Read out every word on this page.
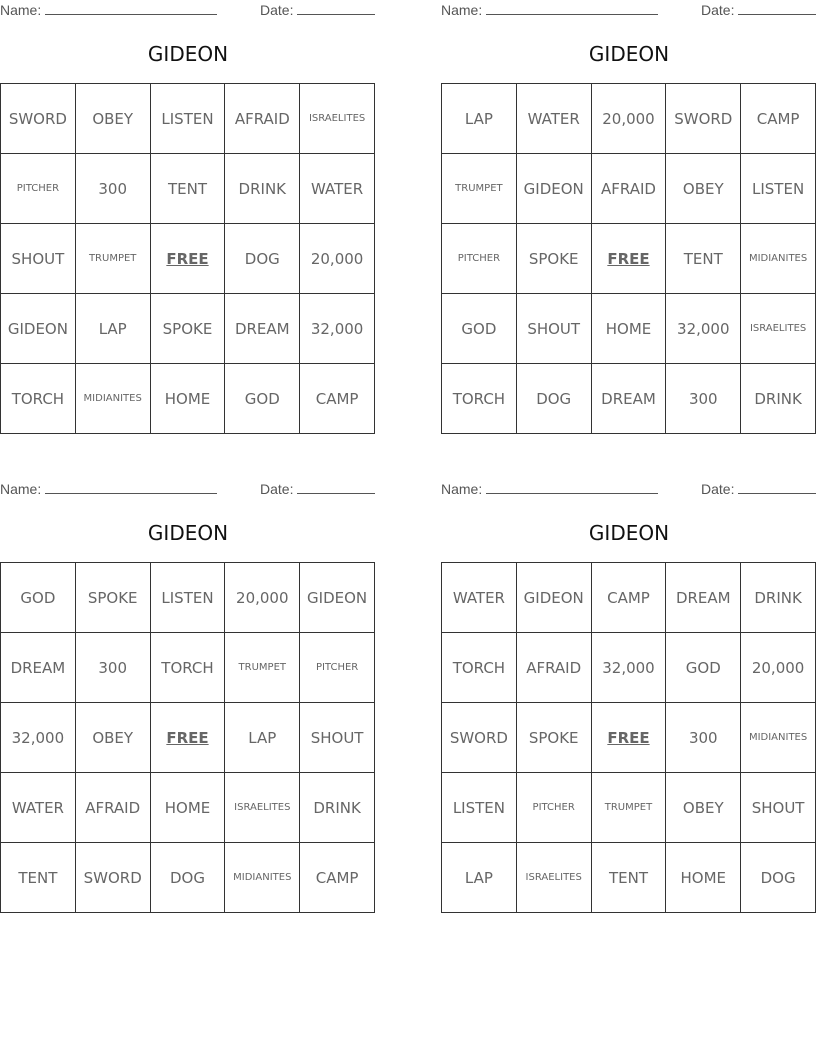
Name:	Date:
GIDEON
SWORD	OBEY	LISTEN	AFRAID	ISRAELITES
PITCHER	300	TENT	DRINK	WATER
SHOUT	TRUMPET	FREE	DOG	20,000
GIDEON	LAP	SPOKE	DREAM	32,000
TORCH	MIDIANITES	HOME	GOD	CAMP
Name:	Date:
GIDEON
LAP	WATER	20,000	SWORD	CAMP
TRUMPET	GIDEON	AFRAID	OBEY	LISTEN
PITCHER	SPOKE	FREE	TENT	MIDIANITES
GOD	SHOUT	HOME	32,000	ISRAELITES
TORCH	DOG	DREAM	300	DRINK
Name:	Date:
GIDEON
GOD	SPOKE	LISTEN	20,000	GIDEON
DREAM	300	TORCH	TRUMPET	PITCHER
32,000	OBEY	FREE	LAP	SHOUT
WATER	AFRAID	HOME	ISRAELITES	DRINK
TENT	SWORD	DOG	MIDIANITES	CAMP
Name:	Date:
GIDEON
WATER	GIDEON	CAMP	DREAM	DRINK
TORCH	AFRAID	32,000	GOD	20,000
SWORD	SPOKE	FREE	300	MIDIANITES
LISTEN	PITCHER	TRUMPET	OBEY	SHOUT
LAP	ISRAELITES	TENT	HOME	DOG
